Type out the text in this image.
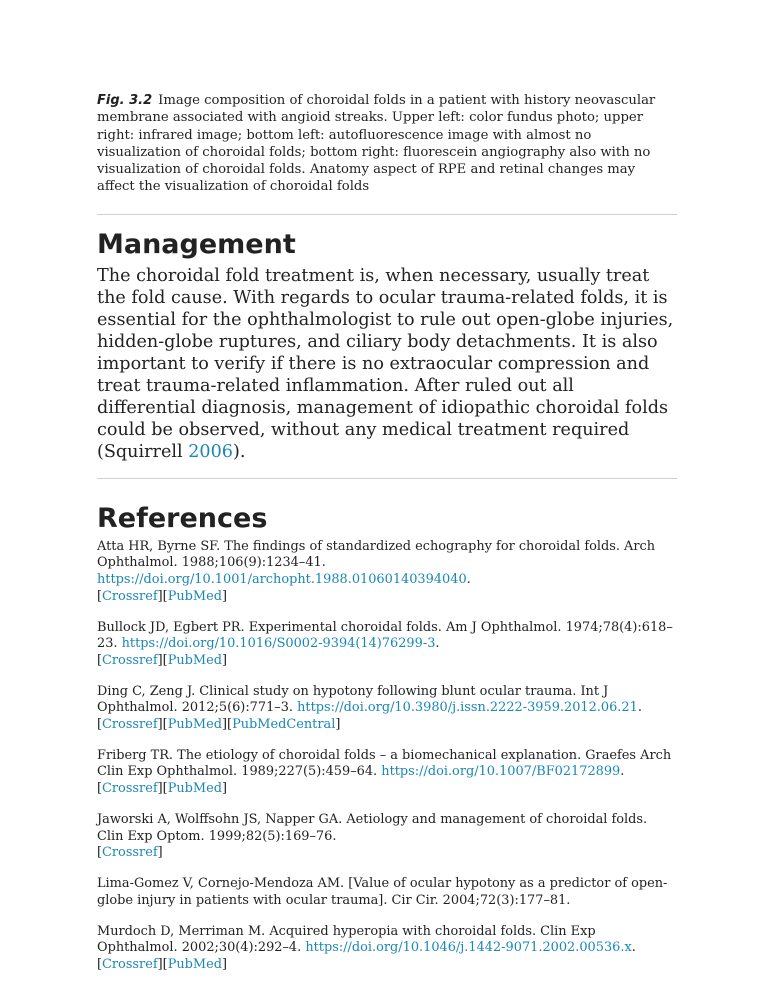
Fig. 3.2 Image composition of choroidal folds in a patient with history neovascular membrane associated with angioid streaks. Upper left: color fundus photo; upper right: infrared image; bottom left: autofluorescence image with almost no visualization of choroidal folds; bottom right: fluorescein angiography also with no visualization of choroidal folds. Anatomy aspect of RPE and retinal changes may affect the visualization of choroidal folds

Management

The choroidal fold treatment is, when necessary, usually treat the fold cause. With regards to ocular trauma-related folds, it is essential for the ophthalmologist to rule out open-globe injuries, hidden-globe ruptures, and ciliary body detachments. It is also important to verify if there is no extraocular compression and treat trauma-related inflammation. After ruled out all differential diagnosis, management of idiopathic choroidal folds could be observed, without any medical treatment required (Squirrell 2006).

References

Atta HR, Byrne SF. The findings of standardized echography for choroidal folds. Arch Ophthalmol. 1988;106(9):1234–41. https://doi.org/10.1001/archopht.1988.01060140394040.
[Crossref][PubMed]

Bullock JD, Egbert PR. Experimental choroidal folds. Am J Ophthalmol. 1974;78(4):618–23. https://doi.org/10.1016/S0002-9394(14)76299-3.
[Crossref][PubMed]

Ding C, Zeng J. Clinical study on hypotony following blunt ocular trauma. Int J Ophthalmol. 2012;5(6):771–3. https://doi.org/10.3980/j.issn.2222-3959.2012.06.21.
[Crossref][PubMed][PubMedCentral]

Friberg TR. The etiology of choroidal folds – a biomechanical explanation. Graefes Arch Clin Exp Ophthalmol. 1989;227(5):459–64. https://doi.org/10.1007/BF02172899.
[Crossref][PubMed]

Jaworski A, Wolffsohn JS, Napper GA. Aetiology and management of choroidal folds. Clin Exp Optom. 1999;82(5):169–76.
[Crossref]

Lima-Gomez V, Cornejo-Mendoza AM. [Value of ocular hypotony as a predictor of open-globe injury in patients with ocular trauma]. Cir Cir. 2004;72(3):177–81.

Murdoch D, Merriman M. Acquired hyperopia with choroidal folds. Clin Exp Ophthalmol. 2002;30(4):292–4. https://doi.org/10.1046/j.1442-9071.2002.00536.x.
[Crossref][PubMed]
